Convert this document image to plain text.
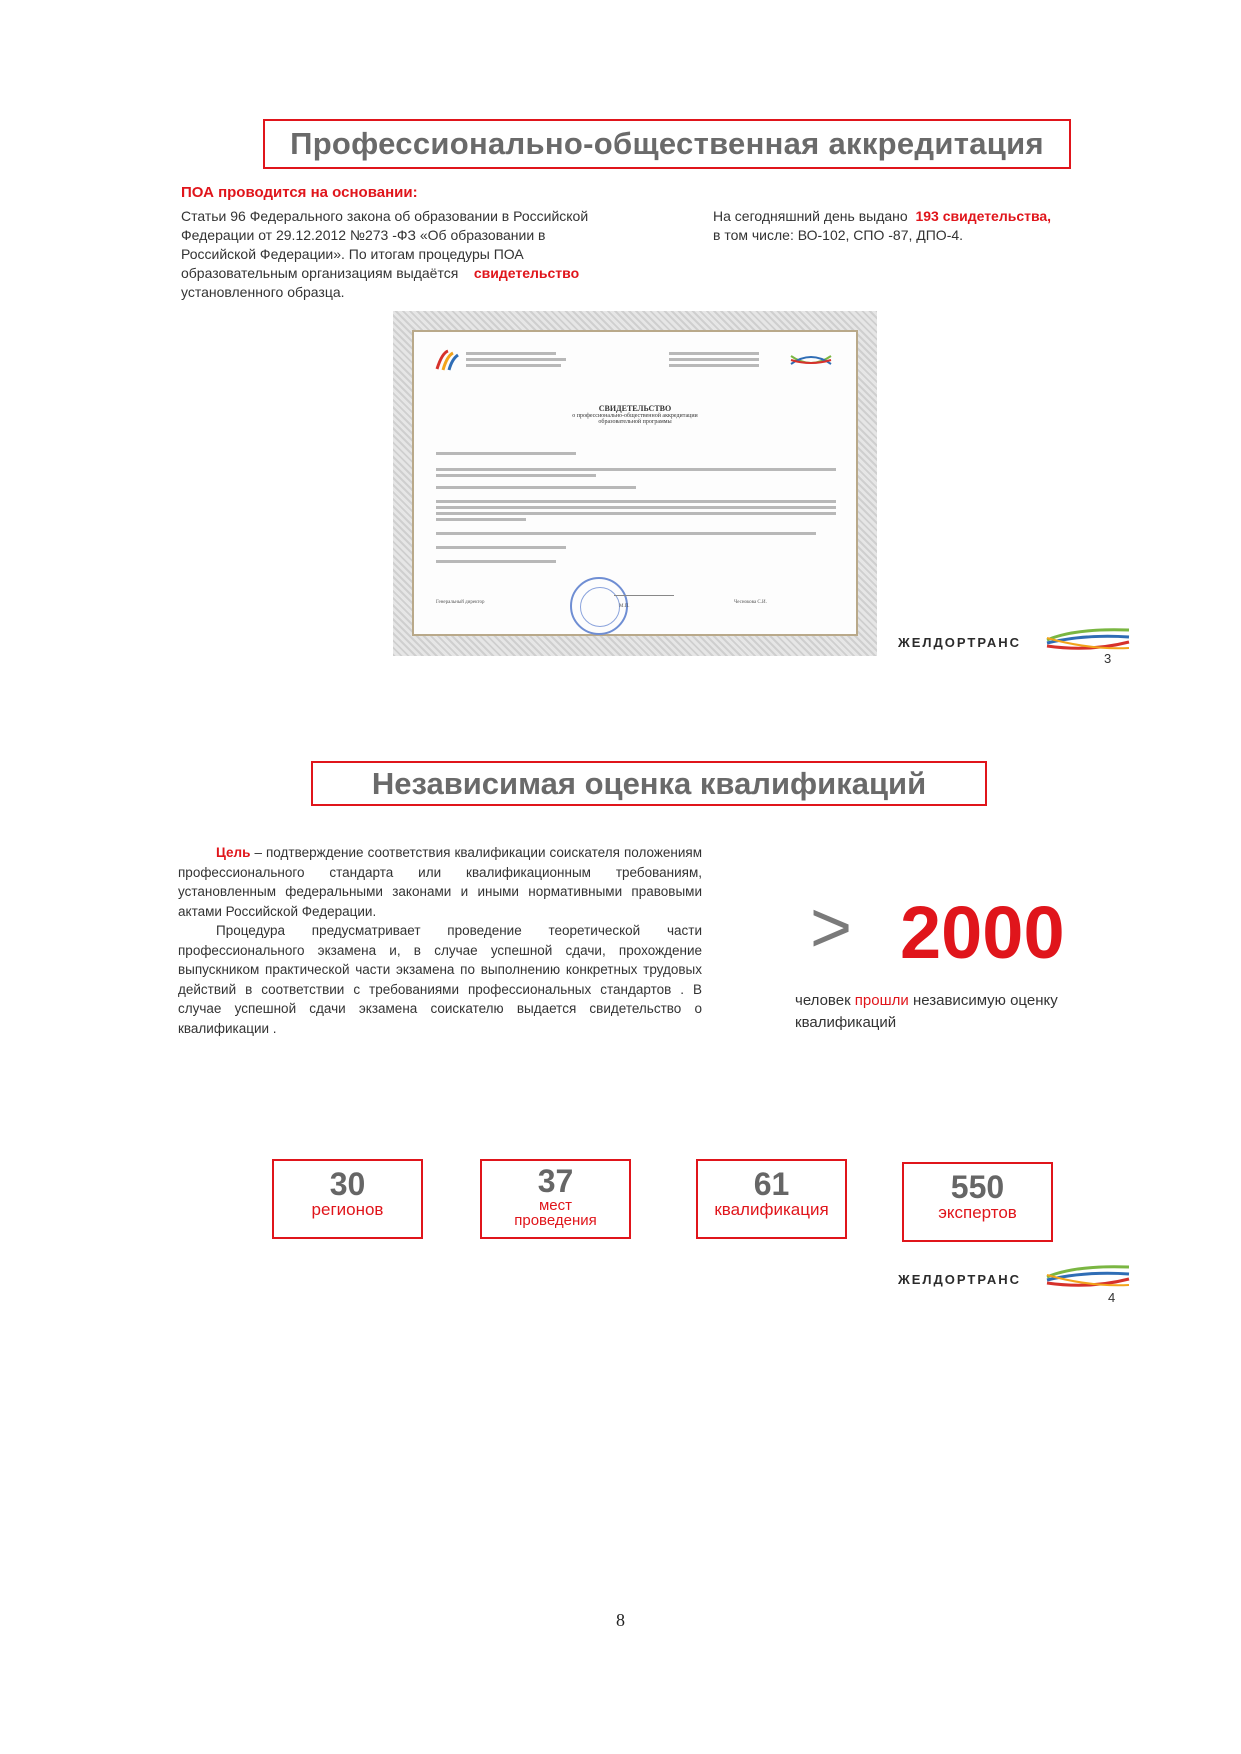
Профессионально-общественная аккредитация
ПОА проводится на основании:
Статьи 96 Федерального закона об образовании в Российской
Федерации от 29.12.2012 №273 -ФЗ «Об образовании в
Российской Федерации». По итогам процедуры ПОА
образовательным организациям выдаётся свидетельство
установленного образца.
На сегодняшний день выдано 193 свидетельства,
в том числе: ВО-102, СПО -87, ДПО-4.
СВИДЕТЕЛЬСТВО
о профессионально-общественной аккредитации
образовательной программы
Генеральный директор
М.П.
Чеснокова С.И.
ЖЕЛДОРТРАНС
3
Независимая оценка квалификаций

Цель – подтверждение соответствия квалификации соискателя положениям профессионального стандарта или квалификационным требованиям, установленным федеральными законами и иными нормативными правовыми актами Российской Федерации.

Процедура предусматривает проведение теоретической части профессионального экзамена и, в случае успешной сдачи, прохождение выпускником практической части экзамена по выполнению конкретных трудовых действий в соответствии с требованиями профессиональных стандартов . В случае успешной сдачи экзамена соискателю выдается свидетельство о квалификации .

> 2000
человек прошли независимую оценку квалификаций
30
регионов
37
мест
проведения
61
квалификация
550
экспертов
ЖЕЛДОРТРАНС
4
8
